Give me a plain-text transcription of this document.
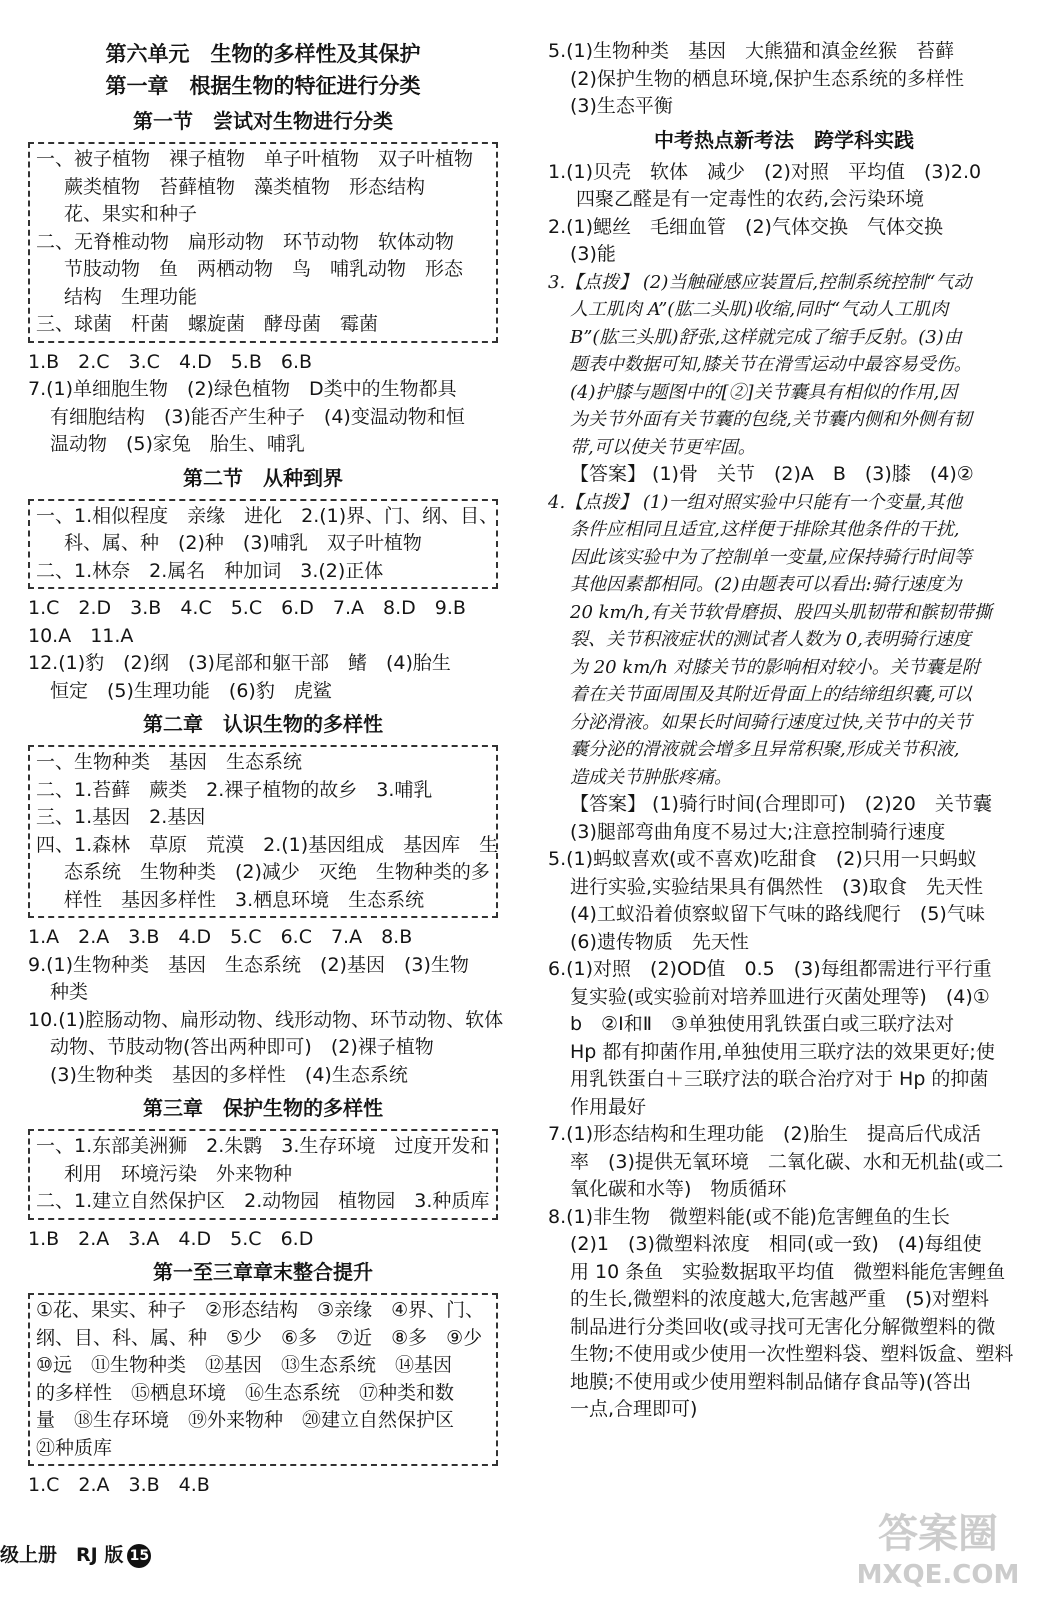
第六单元　生物的多样性及其保护
第一章　根据生物的特征进行分类
第一节　尝试对生物进行分类
一、被子植物　裸子植物　单子叶植物　双子叶植物
蕨类植物　苔藓植物　藻类植物　形态结构
花、果实和种子
二、无脊椎动物　扁形动物　环节动物　软体动物
节肢动物　鱼　两栖动物　鸟　哺乳动物　形态
结构　生理功能
三、球菌　杆菌　螺旋菌　酵母菌　霉菌
1.B　2.C　3.C　4.D　5.B　6.B
7.(1)单细胞生物　(2)绿色植物　D类中的生物都具
有细胞结构　(3)能否产生种子　(4)变温动物和恒
温动物　(5)家兔　胎生、哺乳
第二节　从种到界
一、1.相似程度　亲缘　进化　2.(1)界、门、纲、目、
科、属、种　(2)种　(3)哺乳　双子叶植物
二、1.林奈　2.属名　种加词　3.(2)正体
1.C　2.D　3.B　4.C　5.C　6.D　7.A　8.D　9.B
10.A　11.A
12.(1)豹　(2)纲　(3)尾部和躯干部　鳍　(4)胎生
恒定　(5)生理功能　(6)豹　虎鲨
第二章　认识生物的多样性
一、生物种类　基因　生态系统
二、1.苔藓　蕨类　2.裸子植物的故乡　3.哺乳
三、1.基因　2.基因
四、1.森林　草原　荒漠　2.(1)基因组成　基因库　生
态系统　生物种类　(2)减少　灭绝　生物种类的多
样性　基因多样性　3.栖息环境　生态系统
1.A　2.A　3.B　4.D　5.C　6.C　7.A　8.B
9.(1)生物种类　基因　生态系统　(2)基因　(3)生物
种类
10.(1)腔肠动物、扁形动物、线形动物、环节动物、软体
动物、节肢动物(答出两种即可)　(2)裸子植物
(3)生物种类　基因的多样性　(4)生态系统
第三章　保护生物的多样性
一、1.东部美洲狮　2.朱鹮　3.生存环境　过度开发和
利用　环境污染　外来物种
二、1.建立自然保护区　2.动物园　植物园　3.种质库
1.B　2.A　3.A　4.D　5.C　6.D
第一至三章章末整合提升
①花、果实、种子　②形态结构　③亲缘　④界、门、
纲、目、科、属、种　⑤少　⑥多　⑦近　⑧多　⑨少
⑩远　⑪生物种类　⑫基因　⑬生态系统　⑭基因
的多样性　⑮栖息环境　⑯生态系统　⑰种类和数
量　⑱生存环境　⑲外来物种　⑳建立自然保护区
㉑种质库
1.C　2.A　3.B　4.B
5.(1)生物种类　基因　大熊猫和滇金丝猴　苔藓
(2)保护生物的栖息环境,保护生态系统的多样性
(3)生态平衡
中考热点新考法　跨学科实践
1.(1)贝壳　软体　减少　(2)对照　平均值　(3)2.0
四聚乙醛是有一定毒性的农药,会污染环境
2.(1)鳃丝　毛细血管　(2)气体交换　气体交换
(3)能
3.【点拨】 (2)当触碰感应装置后,控制系统控制“气动
人工肌肉 A”(肱二头肌)收缩,同时“气动人工肌肉
B”(肱三头肌)舒张,这样就完成了缩手反射。(3)由
题表中数据可知,膝关节在滑雪运动中最容易受伤。
(4)护膝与题图中的[②]关节囊具有相似的作用,因
为关节外面有关节囊的包绕,关节囊内侧和外侧有韧
带,可以使关节更牢固。
【答案】 (1)骨　关节　(2)A　B　(3)膝　(4)②
4.【点拨】 (1)一组对照实验中只能有一个变量,其他
条件应相同且适宜,这样便于排除其他条件的干扰,
因此该实验中为了控制单一变量,应保持骑行时间等
其他因素都相同。(2)由题表可以看出:骑行速度为
20 km/h,有关节软骨磨损、股四头肌韧带和髌韧带撕
裂、关节积液症状的测试者人数为 0,表明骑行速度
为 20 km/h 对膝关节的影响相对较小。关节囊是附
着在关节面周围及其附近骨面上的结缔组织囊,可以
分泌滑液。如果长时间骑行速度过快,关节中的关节
囊分泌的滑液就会增多且异常积聚,形成关节积液,
造成关节肿胀疼痛。
【答案】 (1)骑行时间(合理即可)　(2)20　关节囊
(3)腿部弯曲角度不易过大;注意控制骑行速度
5.(1)蚂蚁喜欢(或不喜欢)吃甜食　(2)只用一只蚂蚁
进行实验,实验结果具有偶然性　(3)取食　先天性
(4)工蚁沿着侦察蚁留下气味的路线爬行　(5)气味
(6)遗传物质　先天性
6.(1)对照　(2)OD值　0.5　(3)每组都需进行平行重
复实验(或实验前对培养皿进行灭菌处理等)　(4)①
b　②Ⅰ和Ⅱ　③单独使用乳铁蛋白或三联疗法对
Hp 都有抑菌作用,单独使用三联疗法的效果更好;使
用乳铁蛋白＋三联疗法的联合治疗对于 Hp 的抑菌
作用最好
7.(1)形态结构和生理功能　(2)胎生　提高后代成活
率　(3)提供无氧环境　二氧化碳、水和无机盐(或二
氧化碳和水等)　物质循环
8.(1)非生物　微塑料能(或不能)危害鲤鱼的生长
(2)1　(3)微塑料浓度　相同(或一致)　(4)每组使
用 10 条鱼　实验数据取平均值　微塑料能危害鲤鱼
的生长,微塑料的浓度越大,危害越严重　(5)对塑料
制品进行分类回收(或寻找可无害化分解微塑料的微
生物;不使用或少使用一次性塑料袋、塑料饭盒、塑料
地膜;不使用或少使用塑料制品储存食品等)(答出
一点,合理即可)
级上册　RJ 版 15	答案圈
MXQE.COM
